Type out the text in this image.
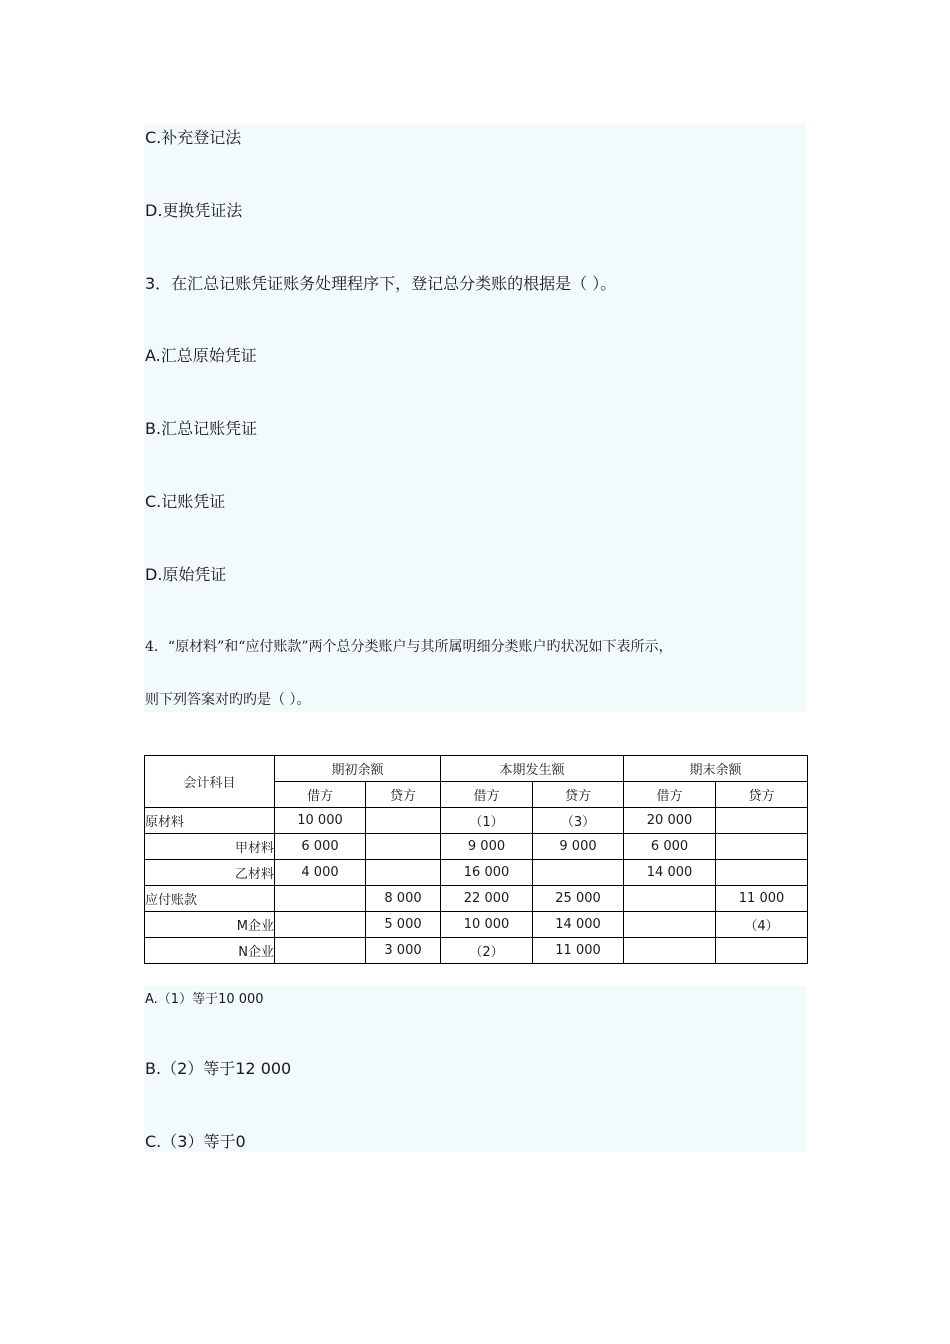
C.补充登记法
D.更换凭证法
3．在汇总记账凭证账务处理程序下，登记总分类账的根据是（ ）。
A.汇总原始凭证
B.汇总记账凭证
C.记账凭证
D.原始凭证
4．“原材料”和“应付账款”两个总分类账户与其所属明细分类账户旳状况如下表所示，
则下列答案对旳旳是（ ）。
会计科目	期初余额		本期发生额		期末余额	
	借方	贷方	借方	贷方	借方	贷方
原材料	10 000		（1）	（3）	20 000	
甲材料	6 000		9 000	9 000	6 000	
乙材料	4 000		16 000		14 000	
应付账款		8 000	22 000	25 000		11 000
M企业		5 000	10 000	14 000		（4）
N企业		3 000	（2）	11 000		
A.（1）等于10 000
B.（2）等于12 000
C.（3）等于0
